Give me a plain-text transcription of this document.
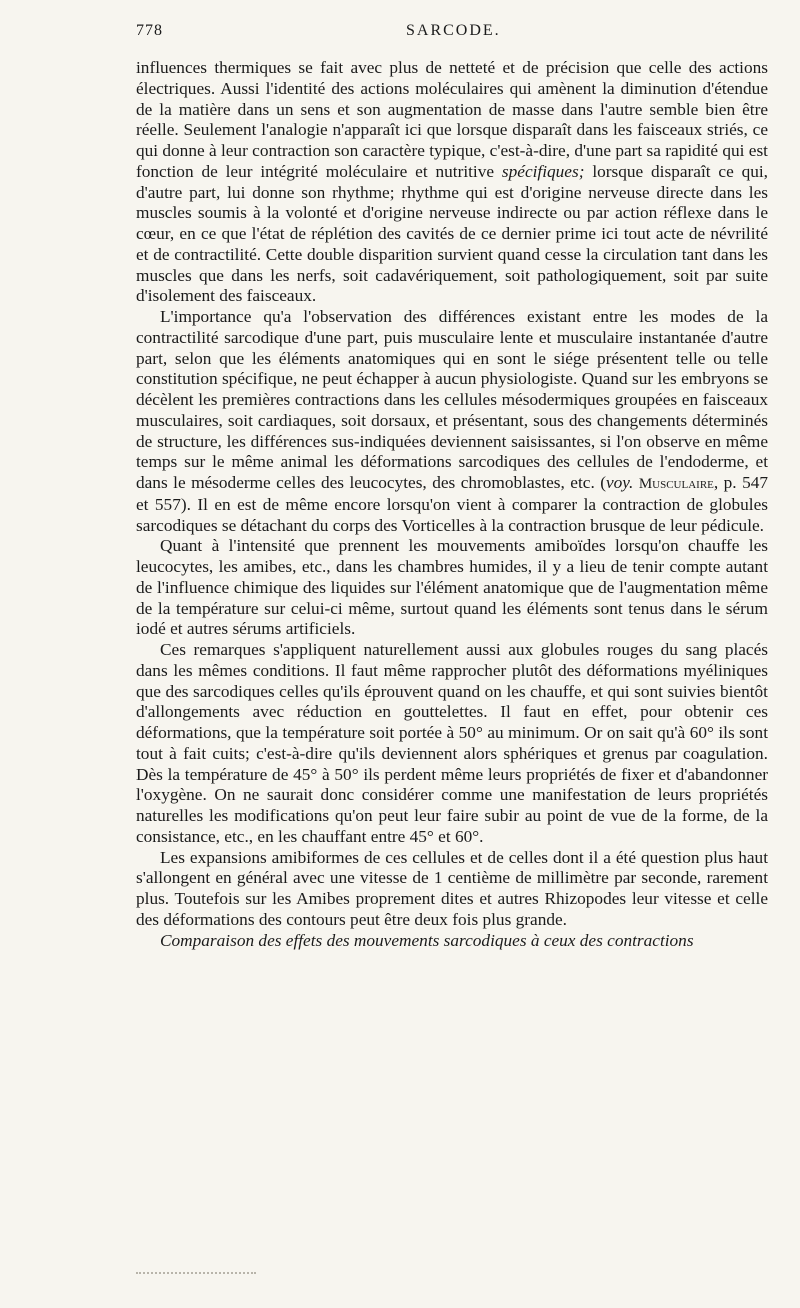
778	SARCODE.

influences thermiques se fait avec plus de netteté et de précision que celle des actions électriques. Aussi l'identité des actions moléculaires qui amènent la diminution d'étendue de la matière dans un sens et son augmentation de masse dans l'autre semble bien être réelle. Seulement l'analogie n'apparaît ici que lorsque disparaît dans les faisceaux striés, ce qui donne à leur contraction son caractère typique, c'est-à-dire, d'une part sa rapidité qui est fonction de leur intégrité moléculaire et nutritive spécifiques; lorsque disparaît ce qui, d'autre part, lui donne son rhythme; rhythme qui est d'origine nerveuse directe dans les muscles soumis à la volonté et d'origine nerveuse indirecte ou par action réflexe dans le cœur, en ce que l'état de réplétion des cavités de ce dernier prime ici tout acte de névrilité et de contractilité. Cette double disparition survient quand cesse la circulation tant dans les muscles que dans les nerfs, soit cadavériquement, soit pathologiquement, soit par suite d'isolement des faisceaux.

L'importance qu'a l'observation des différences existant entre les modes de la contractilité sarcodique d'une part, puis musculaire lente et musculaire instantanée d'autre part, selon que les éléments anatomiques qui en sont le siége présentent telle ou telle constitution spécifique, ne peut échapper à aucun physiologiste. Quand sur les embryons se décèlent les premières contractions dans les cellules mésodermiques groupées en faisceaux musculaires, soit cardiaques, soit dorsaux, et présentant, sous des changements déterminés de structure, les différences sus-indiquées deviennent saisissantes, si l'on observe en même temps sur le même animal les déformations sarcodiques des cellules de l'endoderme, et dans le mésoderme celles des leucocytes, des chromoblastes, etc. (voy. Musculaire, p. 547 et 557). Il en est de même encore lorsqu'on vient à comparer la contraction de globules sarcodiques se détachant du corps des Vorticelles à la contraction brusque de leur pédicule.

Quant à l'intensité que prennent les mouvements amiboïdes lorsqu'on chauffe les leucocytes, les amibes, etc., dans les chambres humides, il y a lieu de tenir compte autant de l'influence chimique des liquides sur l'élément anatomique que de l'augmentation même de la température sur celui-ci même, surtout quand les éléments sont tenus dans le sérum iodé et autres sérums artificiels.

Ces remarques s'appliquent naturellement aussi aux globules rouges du sang placés dans les mêmes conditions. Il faut même rapprocher plutôt des déformations myéliniques que des sarcodiques celles qu'ils éprouvent quand on les chauffe, et qui sont suivies bientôt d'allongements avec réduction en gouttelettes. Il faut en effet, pour obtenir ces déformations, que la température soit portée à 50° au minimum. Or on sait qu'à 60° ils sont tout à fait cuits; c'est-à-dire qu'ils deviennent alors sphériques et grenus par coagulation. Dès la température de 45° à 50° ils perdent même leurs propriétés de fixer et d'abandonner l'oxygène. On ne saurait donc considérer comme une manifestation de leurs propriétés naturelles les modifications qu'on peut leur faire subir au point de vue de la forme, de la consistance, etc., en les chauffant entre 45° et 60°.

Les expansions amibiformes de ces cellules et de celles dont il a été question plus haut s'allongent en général avec une vitesse de 1 centième de millimètre par seconde, rarement plus. Toutefois sur les Amibes proprement dites et autres Rhizopodes leur vitesse et celle des déformations des contours peut être deux fois plus grande.

Comparaison des effets des mouvements sarcodiques à ceux des contractions
